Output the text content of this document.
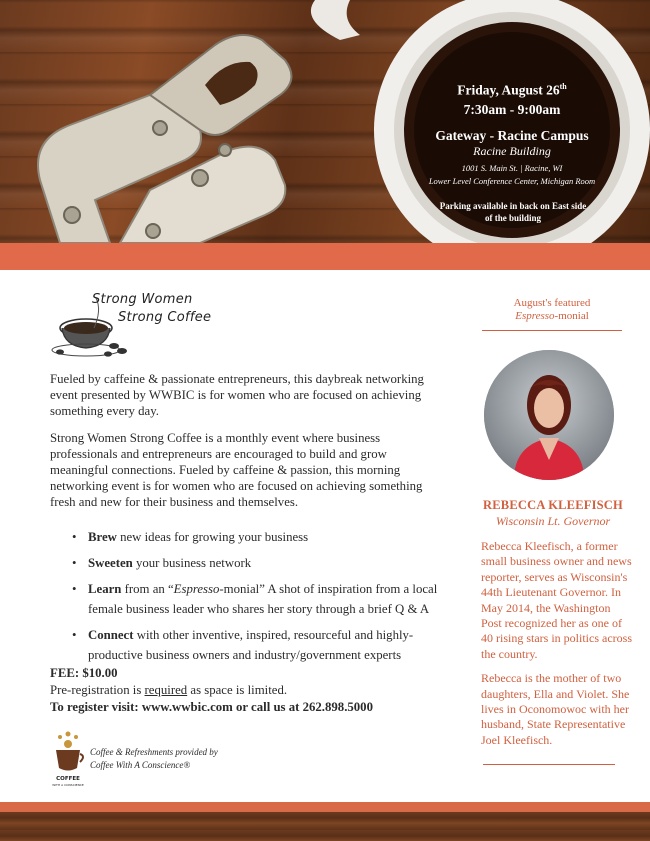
Friday, August 26th
7:30am - 9:00am
Gateway - Racine Campus
Racine Building
1001 S. Main St. | Racine, WI
Lower Level Conference Center, Michigan Room
Parking available in back on East side of the building
Strong Women
Strong Coffee

Fueled by caffeine & passionate entrepreneurs, this daybreak networking event presented by WWBIC is for women who are focused on achieving something every day.

Strong Women Strong Coffee is a monthly event where business professionals and entrepreneurs are encouraged to build and grow meaningful connections. Fueled by caffeine & passion, this morning networking event is for women who are focused on achieving something fresh and new for their business and themselves.

• Brew new ideas for growing your business
• Sweeten your business network
• Learn from an “Espresso-monial” A shot of inspiration from a local female business leader who shares her story through a brief Q & A
• Connect with other inventive, inspired, resourceful and highly-productive business owners and industry/government experts
FEE: $10.00
Pre-registration is required as space is limited.
To register visit: www.wwbic.com or call us at 262.898.5000
COFFEE
WITH A CONSCIENCE
Coffee & Refreshments provided by
Coffee With A Conscience®
August's featured
Espresso-monial
REBECCA KLEEFISCH
Wisconsin Lt. Governor

Rebecca Kleefisch, a former small business owner and news reporter, serves as Wisconsin's 44th Lieutenant Governor. In May 2014, the Washington Post recognized her as one of 40 rising stars in politics across the country.

Rebecca is the mother of two daughters, Ella and Violet. She lives in Oconomowoc with her husband, State Representative Joel Kleefisch.
